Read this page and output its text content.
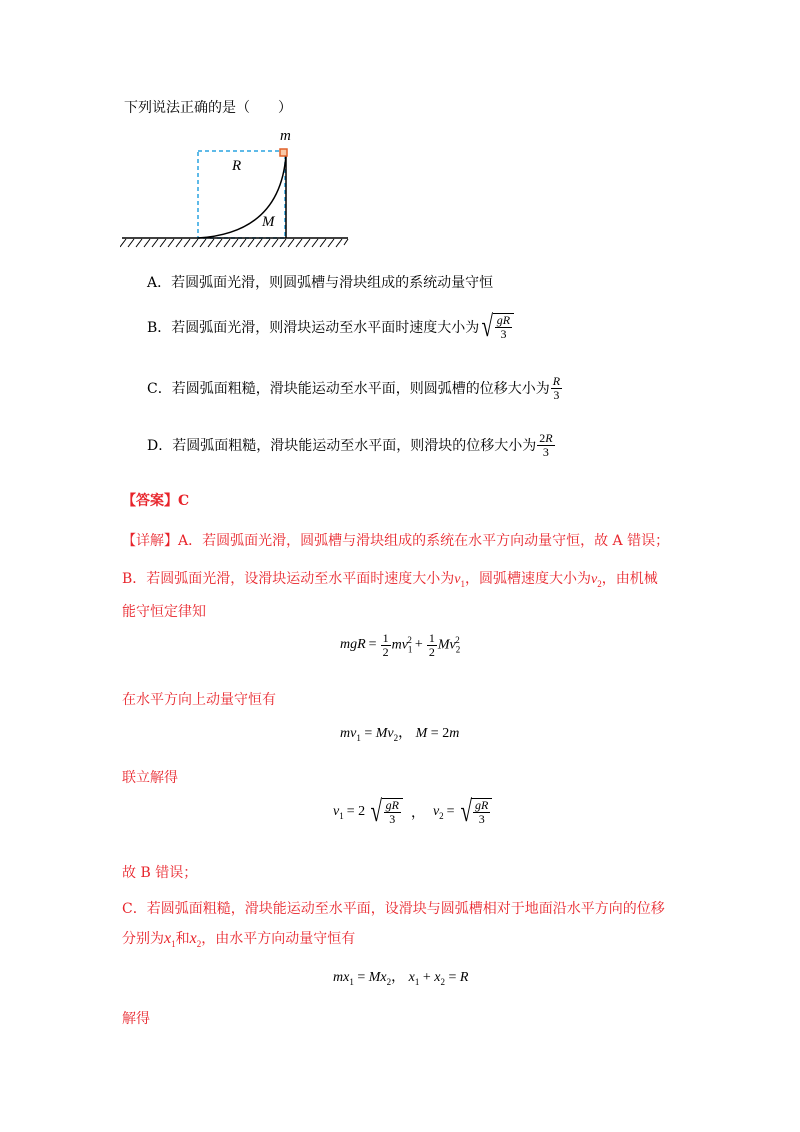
下列说法正确的是（　　）
m
R
M
A．若圆弧面光滑，则圆弧槽与滑块组成的系统动量守恒
B．若圆弧面光滑，则滑块运动至水平面时速度大小为 √ $\frac{gR}{3}$
C．若圆弧面粗糙，滑块能运动至水平面，则圆弧槽的位移大小为 $\frac{R}{3}$
D．若圆弧面粗糙，滑块能运动至水平面，则滑块的位移大小为 $\frac{2R}{3}$
【答案】C
【详解】A．若圆弧面光滑，圆弧槽与滑块组成的系统在水平方向动量守恒，故 A 错误；
B．若圆弧面光滑，设滑块运动至水平面时速度大小为$v_1$，圆弧槽速度大小为$v_2$，由机械
能守恒定律知
mgR = $\frac{1}{2} mv_1^2 + \frac{1}{2} Mv_2^2$
在水平方向上动量守恒有
$mv_1 = Mv_2$， M = 2m
联立解得
$v_1 = 2$ √ $\frac{gR}{3}$ ， $v_2$ = √ $\frac{gR}{3}$
故 B 错误；
C．若圆弧面粗糙，滑块能运动至水平面，设滑块与圆弧槽相对于地面沿水平方向的位移
分别为$x_1$和$x_2$，由水平方向动量守恒有
$mx_1 = Mx_2$， $x_1 + x_2 = R$
解得
